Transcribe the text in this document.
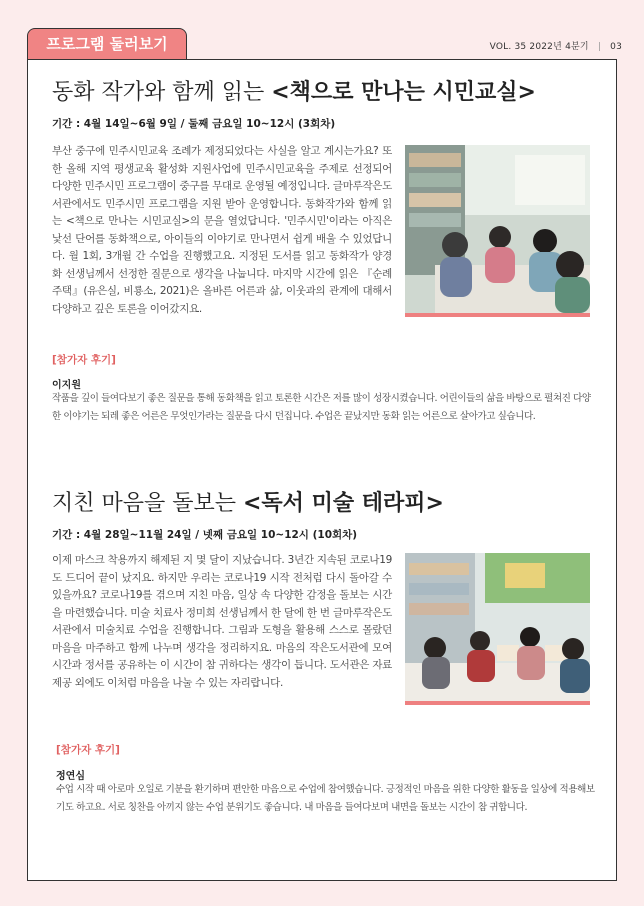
프로그램 둘러보기	VOL. 35 2022년 4분기 | 03
동화 작가와 함께 읽는 <책으로 만나는 시민교실>
기간 : 4월 14일~6월 9일 / 둘째 금요일 10~12시 (3회차)
부산 중구에 민주시민교육 조례가 제정되었다는 사실을 알고 계시는가요? 또한 올해 지역 평생교육 활성화 지원사업에 민주시민교육을 주제로 선정되어 다양한 민주시민 프로그램이 중구를 무대로 운영될 예정입니다. 글마루작은도서관에서도 민주시민 프로그램을 지원 받아 운영합니다. 동화작가와 함께 읽는 <책으로 만나는 시민교실>의 문을 열었답니다. '민주시민'이라는 아직은 낯선 단어를 동화책으로, 아이들의 이야기로 만나면서 쉽게 배울 수 있었답니다. 월 1회, 3개월 간 수업을 진행했고요. 지정된 도서를 읽고 동화작가 양경화 선생님께서 선정한 질문으로 생각을 나눕니다. 마지막 시간에 읽은 『순례 주택』(유은실, 비룡소, 2021)은 올바른 어른과 삶, 이웃과의 관계에 대해서 다양하고 깊은 토론을 이어갔지요.
[참가자 후기]
이지원
작품을 깊이 들여다보기 좋은 질문을 통해 동화책을 읽고 토론한 시간은 저를 많이 성장시켰습니다. 어린이들의 삶을 바탕으로 펼쳐진 다양한 이야기는 되레 좋은 어른은 무엇인가라는 질문을 다시 던집니다. 수업은 끝났지만 동화 읽는 어른으로 살아가고 싶습니다.
지친 마음을 돌보는 <독서 미술 테라피>
기간 : 4월 28일~11월 24일 / 넷째 금요일 10~12시 (10회차)
이제 마스크 착용까지 해제된 지 몇 달이 지났습니다. 3년간 지속된 코로나19도 드디어 끝이 났지요. 하지만 우리는 코로나19 시작 전처럼 다시 돌아갈 수 있을까요? 코로나19를 겪으며 지친 마음, 일상 속 다양한 감정을 돌보는 시간을 마련했습니다. 미술 치료사 정미희 선생님께서 한 달에 한 번 글마루작은도서관에서 미술치료 수업을 진행합니다. 그림과 도형을 활용해 스스로 몰랐던 마음을 마주하고 함께 나누며 생각을 정리하지요. 마음의 작은도서관에 모여 시간과 정서를 공유하는 이 시간이 참 귀하다는 생각이 듭니다. 도서관은 자료 제공 외에도 이처럼 마음을 나눌 수 있는 자리랍니다.
[참가자 후기]
정연심
수업 시작 때 아로마 오일로 기분을 환기하며 편안한 마음으로 수업에 참여했습니다. 긍정적인 마음을 위한 다양한 활동을 일상에 적용해보기도 하고요. 서로 칭찬을 아끼지 않는 수업 분위기도 좋습니다. 내 마음을 들여다보며 내면을 돌보는 시간이 참 귀합니다.
